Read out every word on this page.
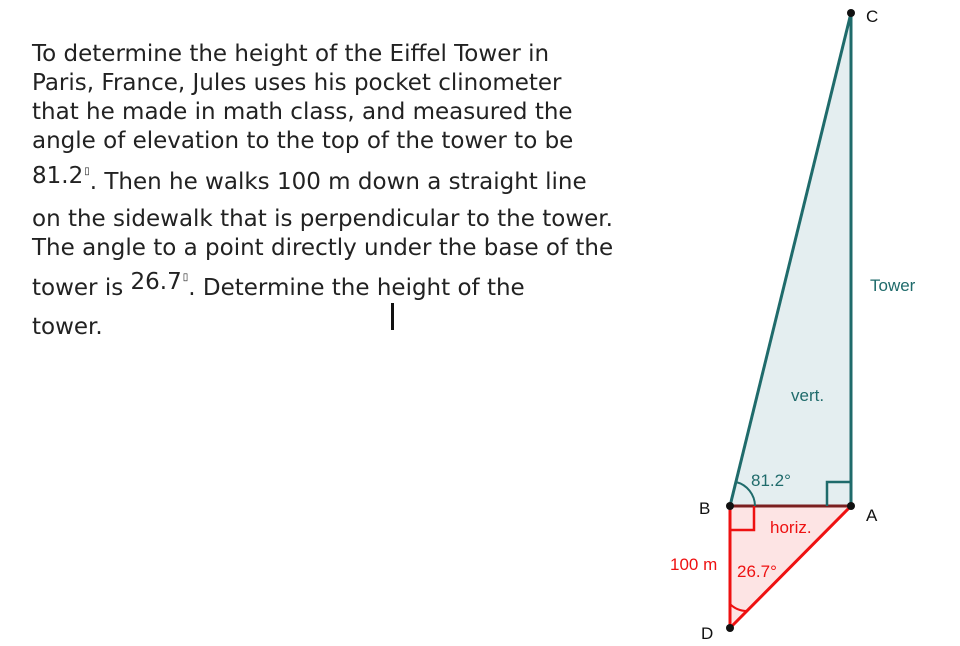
To determine the height of the Eiffel Tower in
Paris, France, Jules uses his pocket clinometer
that he made in math class, and measured the
angle of elevation to the top of the tower to be
81.2▯. Then he walks 100 m down a straight line
on the sidewalk that is perpendicular to the tower.
The angle to a point directly under the base of the
tower is 26.7▯. Determine the height of the
tower.
C
A
B
D
Tower
vert.
81.2°
horiz.
100 m 26.7°
